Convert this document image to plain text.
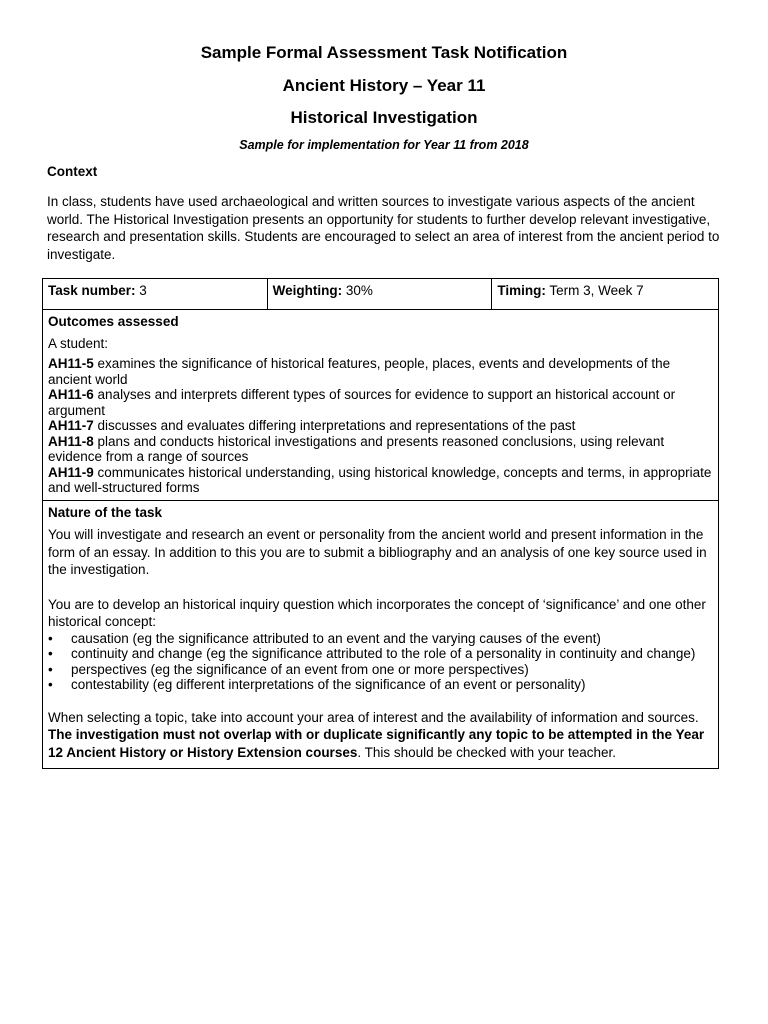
Sample Formal Assessment Task Notification
Ancient History – Year 11
Historical Investigation
Sample for implementation for Year 11 from 2018
Context
In class, students have used archaeological and written sources to investigate various aspects of the ancient world. The Historical Investigation presents an opportunity for students to further develop relevant investigative, research and presentation skills. Students are encouraged to select an area of interest from the ancient period to investigate.
Task number: 3	Weighting: 30%	Timing: Term 3, Week 7

Outcomes assessed
A student:

AH11-5 examines the significance of historical features, people, places, events and developments of the ancient world

AH11-6 analyses and interprets different types of sources for evidence to support an historical account or argument

AH11-7 discusses and evaluates differing interpretations and representations of the past

AH11-8 plans and conducts historical investigations and presents reasoned conclusions, using relevant evidence from a range of sources

AH11-9 communicates historical understanding, using historical knowledge, concepts and terms, in appropriate and well-structured forms

Nature of the task

You will investigate and research an event or personality from the ancient world and present information in the form of an essay. In addition to this you are to submit a bibliography and an analysis of one key source used in the investigation.

You are to develop an historical inquiry question which incorporates the concept of ‘significance’ and one other historical concept:

• causation (eg the significance attributed to an event and the varying causes of the event)
• continuity and change (eg the significance attributed to the role of a personality in continuity and change)
• perspectives (eg the significance of an event from one or more perspectives)
• contestability (eg different interpretations of the significance of an event or personality)

When selecting a topic, take into account your area of interest and the availability of information and sources. The investigation must not overlap with or duplicate significantly any topic to be attempted in the Year 12 Ancient History or History Extension courses. This should be checked with your teacher.
